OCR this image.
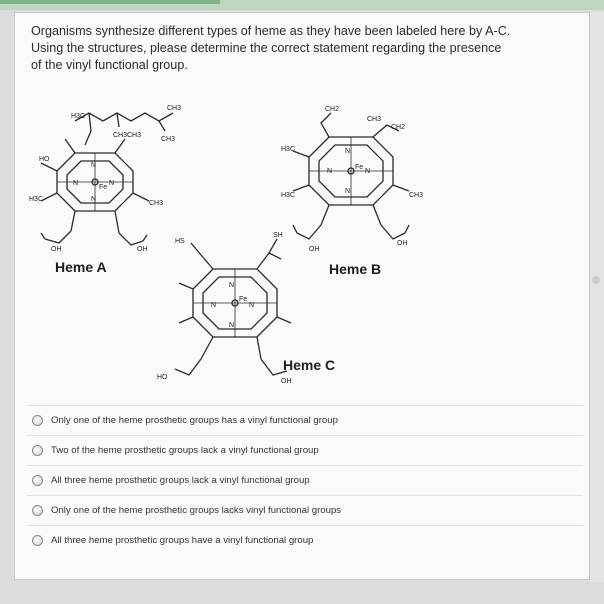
Organisms synthesize different types of heme as they have been labeled here by A-C.
Using the structures, please determine the correct statement regarding the presence
of the vinyl functional group.
H3C
CH3
CH3
CH3
HO
CH3
H3C
CH3
OH	OH
N
N	N
N
Fe
CH2
CH3
CH2
H3C
H3C	CH3
OH
OH
N
N	N
N
Fe
HS
SH
HO
OH
N
N	N
N
Fe
Heme A	Heme B
Heme C
Only one of the heme prosthetic groups has a vinyl functional group
Two of the heme prosthetic groups lack a vinyl functional group
All three heme prosthetic groups lack a vinyl functional group
Only one of the heme prosthetic groups lacks vinyl functional groups
All three heme prosthetic groups have a vinyl functional group
